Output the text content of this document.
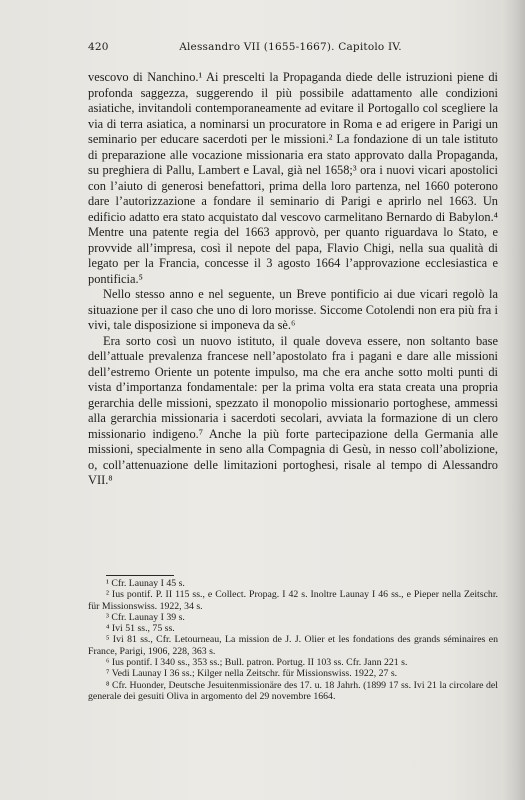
420	Alessandro VII (1655-1667). Capitolo IV.

vescovo di Nanchino.¹ Ai prescelti la Propaganda diede delle istruzioni piene di profonda saggezza, suggerendo il più possibile adattamento alle condizioni asiatiche, invitandoli contemporaneamente ad evitare il Portogallo col scegliere la via di terra asiatica, a nominarsi un procuratore in Roma e ad erigere in Parigi un seminario per educare sacerdoti per le missioni.² La fondazione di un tale istituto di preparazione alle vocazione missionaria era stato approvato dalla Propaganda, su preghiera di Pallu, Lambert e Laval, già nel 1658;³ ora i nuovi vicari apostolici con l’aiuto di generosi benefattori, prima della loro partenza, nel 1660 poterono dare l’autorizzazione a fondare il seminario di Parigi e aprirlo nel 1663. Un edificio adatto era stato acquistato dal vescovo carmelitano Bernardo di Babylon.⁴ Mentre una patente regia del 1663 approvò, per quanto riguardava lo Stato, e provvide all’impresa, così il nepote del papa, Flavio Chigi, nella sua qualità di legato per la Francia, concesse il 3 agosto 1664 l’approvazione ecclesiastica e pontificia.⁵

Nello stesso anno e nel seguente, un Breve pontificio ai due vicari regolò la situazione per il caso che uno di loro morisse. Siccome Cotolendi non era più fra i vivi, tale disposizione si imponeva da sè.⁶

Era sorto così un nuovo istituto, il quale doveva essere, non soltanto base dell’attuale prevalenza francese nell’apostolato fra i pagani e dare alle missioni dell’estremo Oriente un potente impulso, ma che era anche sotto molti punti di vista d’importanza fondamentale: per la prima volta era stata creata una propria gerarchia delle missioni, spezzato il monopolio missionario portoghese, ammessi alla gerarchia missionaria i sacerdoti secolari, avviata la formazione di un clero missionario indigeno.⁷ Anche la più forte partecipazione della Germania alle missioni, specialmente in seno alla Compagnia di Gesù, in nesso coll’abolizione, o, coll’attenuazione delle limitazioni portoghesi, risale al tempo di Alessandro VII.⁸

¹ Cfr. Launay I 45 s.

² Ius pontif. P. II 115 ss., e Collect. Propag. I 42 s. Inoltre Launay I 46 ss., e Pieper nella Zeitschr. für Missionswiss. 1922, 34 s.

³ Cfr. Launay I 39 s.

⁴ Ivi 51 ss., 75 ss.

⁵ Ivi 81 ss., Cfr. Letourneau, La mission de J. J. Olier et les fondations des grands séminaires en France, Parigi, 1906, 228, 363 s.

⁶ Ius pontif. I 340 ss., 353 ss.; Bull. patron. Portug. II 103 ss. Cfr. Jann 221 s.

⁷ Vedi Launay I 36 ss.; Kilger nella Zeitschr. für Missionswiss. 1922, 27 s.

⁸ Cfr. Huonder, Deutsche Jesuitenmissionäre des 17. u. 18 Jahrh. (1899 17 ss. Ivi 21 la circolare del generale dei gesuiti Oliva in argomento del 29 novembre 1664.
